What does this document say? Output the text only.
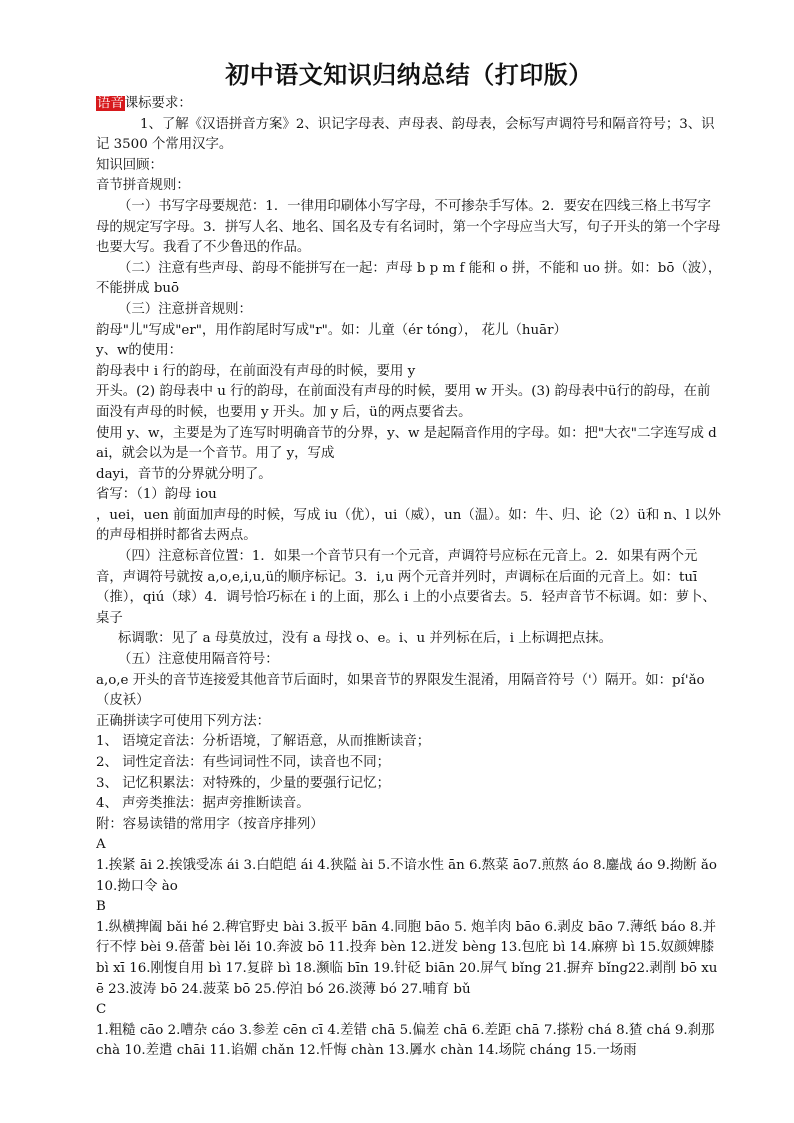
初中语文知识归纳总结（打印版）
语音课标要求：
1、了解《汉语拼音方案》2、识记字母表、声母表、韵母表，会标写声调符号和隔音符号；3、识记 3500 个常用汉字。
知识回顾：
音节拼音规则：
（一）书写字母要规范：1．一律用印刷体小写字母，不可掺杂手写体。2．要安在四线三格上书写字母的规定写字母。3．拼写人名、地名、国名及专有名词时，第一个字母应当大写，句子开头的第一个字母也要大写。我看了不少鲁迅的作品。
（二）注意有些声母、韵母不能拼写在一起：声母 b p m f 能和 o 拼，不能和 uo 拼。如：bō（波），不能拼成 buō
（三）注意拼音规则：
韵母"儿"写成"er"，用作韵尾时写成"r"。如：儿童（ér tóng）， 花儿（huār）
y、w的使用：
韵母表中 i 行的韵母，在前面没有声母的时候，要用 y
开头。(2) 韵母表中 u 行的韵母，在前面没有声母的时候，要用 w 开头。(3) 韵母表中ü行的韵母，在前面没有声母的时候，也要用 y 开头。加 y 后，ü的两点要省去。
使用 y、w，主要是为了连写时明确音节的分界，y、w 是起隔音作用的字母。如：把"大衣"二字连写成 dai，就会以为是一个音节。用了 y，写成
dayi，音节的分界就分明了。
省写：（1）韵母 iou
，uei，uen 前面加声母的时候，写成 iu（优），ui（威），un（温）。如：牛、归、论（2）ü和 n、l 以外的声母相拼时都省去两点。
（四）注意标音位置：1．如果一个音节只有一个元音，声调符号应标在元音上。2．如果有两个元音，声调符号就按 a,o,e,i,u,ü的顺序标记。3．i,u 两个元音并列时，声调标在后面的元音上。如：tuī（推），qiú（球）4．调号恰巧标在 i 的上面，那么 i 上的小点要省去。5．轻声音节不标调。如：萝卜、桌子
标调歌：见了 a 母莫放过，没有 a 母找 o、e。i、u 并列标在后，i 上标调把点抹。
（五）注意使用隔音符号：
a,o,e 开头的音节连接爱其他音节后面时，如果音节的界限发生混淆，用隔音符号（'）隔开。如：pí'ǎo（皮袄）
正确拼读字可使用下列方法：
1、 语境定音法：分析语境，了解语意，从而推断读音；
2、 词性定音法：有些词词性不同，读音也不同；
3、 记忆积累法：对特殊的，少量的要强行记忆；
4、 声旁类推法：据声旁推断读音。
附：容易读错的常用字（按音序排列）
A
1.挨紧 āi 2.挨饿受冻 ái 3.白皑皑 ái 4.狭隘 ài 5.不谙水性 ān 6.熬菜 āo7.煎熬 áo 8.鏖战 áo 9.拗断 ǎo 10.拗口令 ào
B
1.纵横捭阖 bǎi hé 2.稗官野史 bài 3.扳平 bān 4.同胞 bāo 5. 炮羊肉 bāo 6.剥皮 bāo 7.薄纸 báo 8.并行不悖 bèi 9.蓓蕾 bèi lěi 10.奔波 bō 11.投奔 bèn 12.迸发 bèng 13.包庇 bì 14.麻痹 bì 15.奴颜婢膝 bì xī 16.刚愎自用 bì 17.复辟 bì 18.濒临 bīn 19.针砭 biān 20.屏气 bǐng 21.摒弃 bǐng22.剥削 bō xuē 23.波涛 bō 24.菠菜 bō 25.停泊 bó 26.淡薄 bó 27.哺育 bǔ
C
1.粗糙 cāo 2.嘈杂 cáo 3.参差 cēn cī 4.差错 chā 5.偏差 chā 6.差距 chā 7.搽粉 chá 8.猹 chá 9.刹那 chà 10.差遣 chāi 11.谄媚 chǎn 12.忏悔 chàn 13.羼水 chàn 14.场院 cháng 15.一场雨
